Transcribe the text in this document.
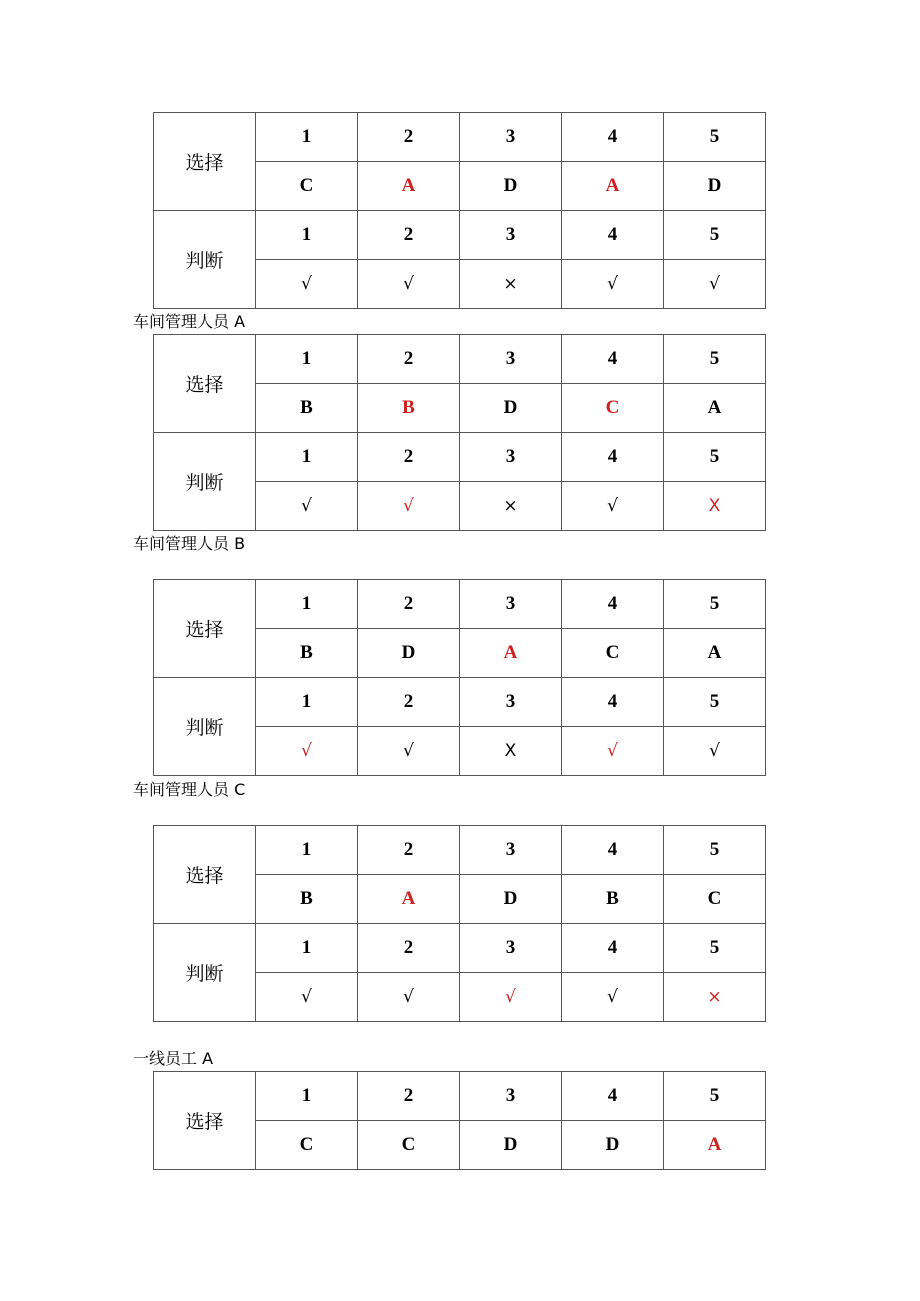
选择	1	2	3	4	5
	C	A	D	A	D
判断	1	2	3	4	5
	√	√	×	√	√
选择	1	2	3	4	5
	B	B	D	C	A
判断	1	2	3	4	5
	√	√	×	√	X
选择	1	2	3	4	5
	B	D	A	C	A
判断	1	2	3	4	5
	√	√	X	√	√
选择	1	2	3	4	5
	B	A	D	B	C
判断	1	2	3	4	5
	√	√	√	√	×
选择	1	2	3	4	5
	C	C	D	D	A
车间管理人员 A
车间管理人员 B
车间管理人员 C
一线员工 A
